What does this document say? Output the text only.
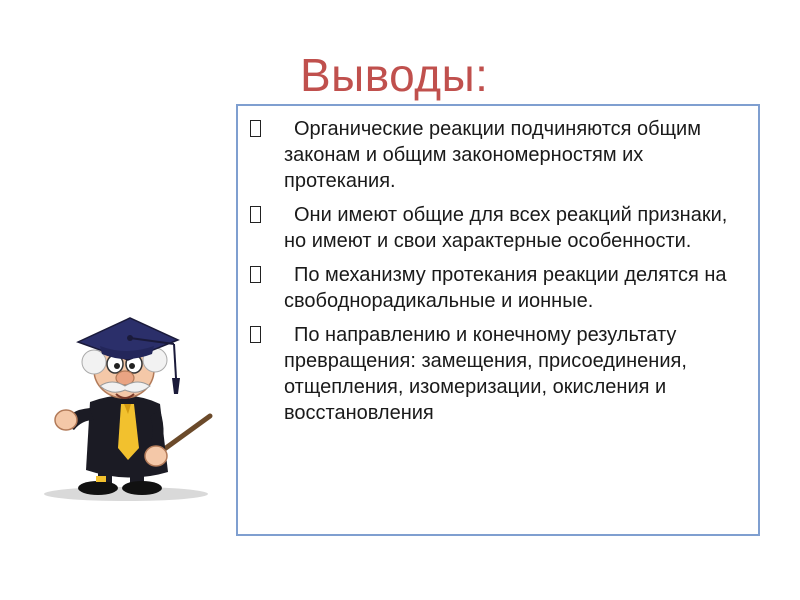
Выводы:
Органические реакции подчиняются общим законам и общим закономерностям их протекания.
Они имеют общие для всех реакций признаки, но имеют и свои характерные особенности.
По механизму протекания реакции делятся на свободнорадикальные и ионные.
По направлению и конечному результату превращения: замещения, присоединения, отщепления, изомеризации, окисления и восстановления
